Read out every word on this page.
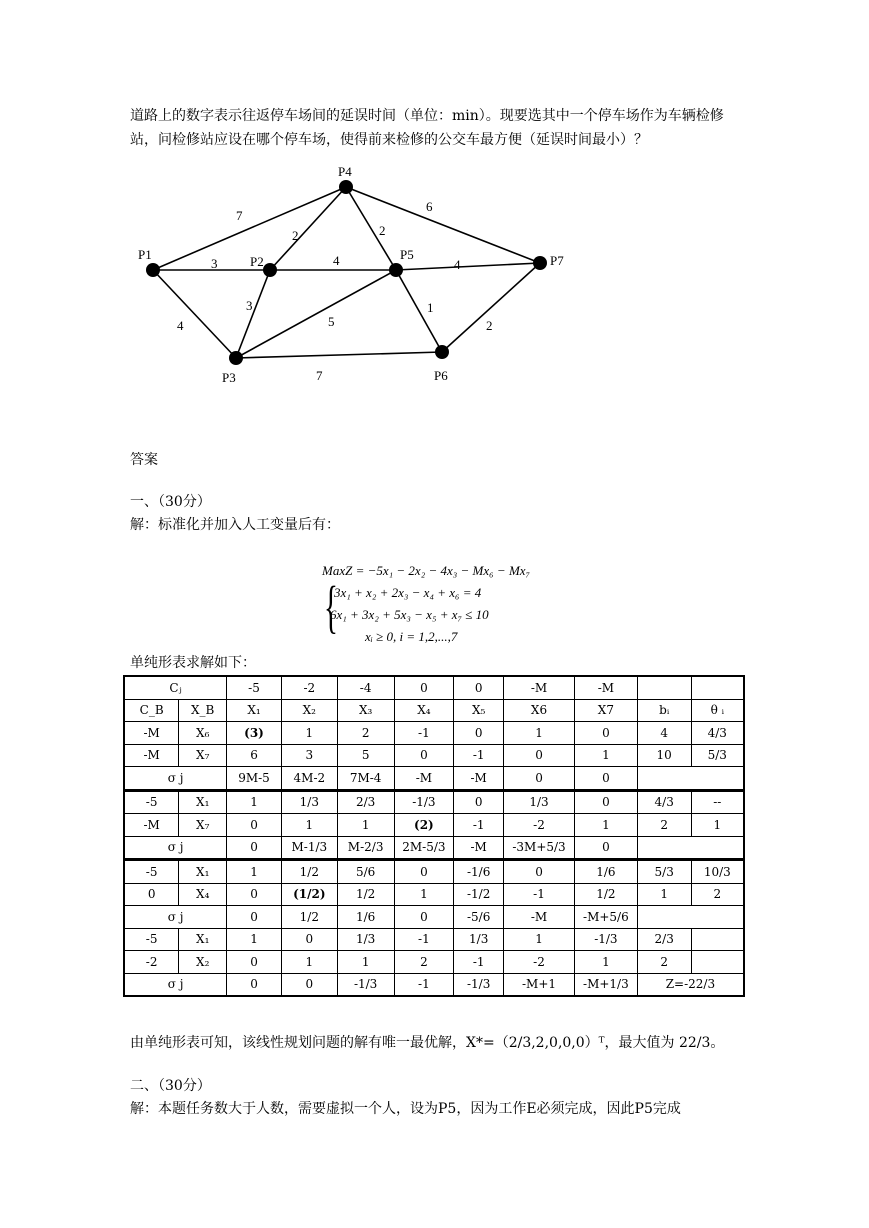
道路上的数字表示往返停车场间的延误时间（单位：min）。现要选其中一个停车场作为车辆检修站，问检修站应设在哪个停车场，使得前来检修的公交车最方便（延误时间最小）？
P1	P2
P3
P4
P5
P6
P7
7
3
4
2
4
3
2
6
4
5
1
7
2
答案
一、（30分）
解：标准化并加入人工变量后有：
MaxZ = −5x₁ − 2x₂ − 4x₃ − Mx₆ − Mx₇
{
3x₁ + x₂ + 2x₃ − x₄ + x₆ = 4
6x₁ + 3x₂ + 5x₃ − x₅ + x₇ ≤ 10
xᵢ ≥ 0, i = 1,2,...,7
单纯形表求解如下：
Cⱼ		-5	-2	-4	0	0	-M	-M		
C_B	X_B	X₁	X₂	X₃	X₄	X₅	X6	X7	bᵢ	θ ᵢ
-M	X₆	(3)	1	2	-1	0	1	0	4	4/3
-M	X₇	6	3	5	0	-1	0	1	10	5/3
σ j		9M-5	4M-2	7M-4	-M	-M	0	0		
-5	X₁	1	1/3	2/3	-1/3	0	1/3	0	4/3	--
-M	X₇	0	1	1	(2)	-1	-2	1	2	1
σ j		0	M-1/3	M-2/3	2M-5/3	-M	-3M+5/3	0		
-5	X₁	1	1/2	5/6	0	-1/6	0	1/6	5/3	10/3
0	X₄	0	(1/2)	1/2	1	-1/2	-1	1/2	1	2
σ j		0	1/2	1/6	0	-5/6	-M	-M+5/6		
-5	X₁	1	0	1/3	-1	1/3	1	-1/3	2/3	
-2	X₂	0	1	1	2	-1	-2	1	2	
σ j		0	0	-1/3	-1	-1/3	-M+1	-M+1/3	Z=-22/3	
由单纯形表可知，该线性规划问题的解有唯一最优解，X*=（2/3,2,0,0,0）ᵀ，最大值为 22/3。
二、（30分）
解：本题任务数大于人数，需要虚拟一个人，设为P5，因为工作E必须完成，因此P5完成
